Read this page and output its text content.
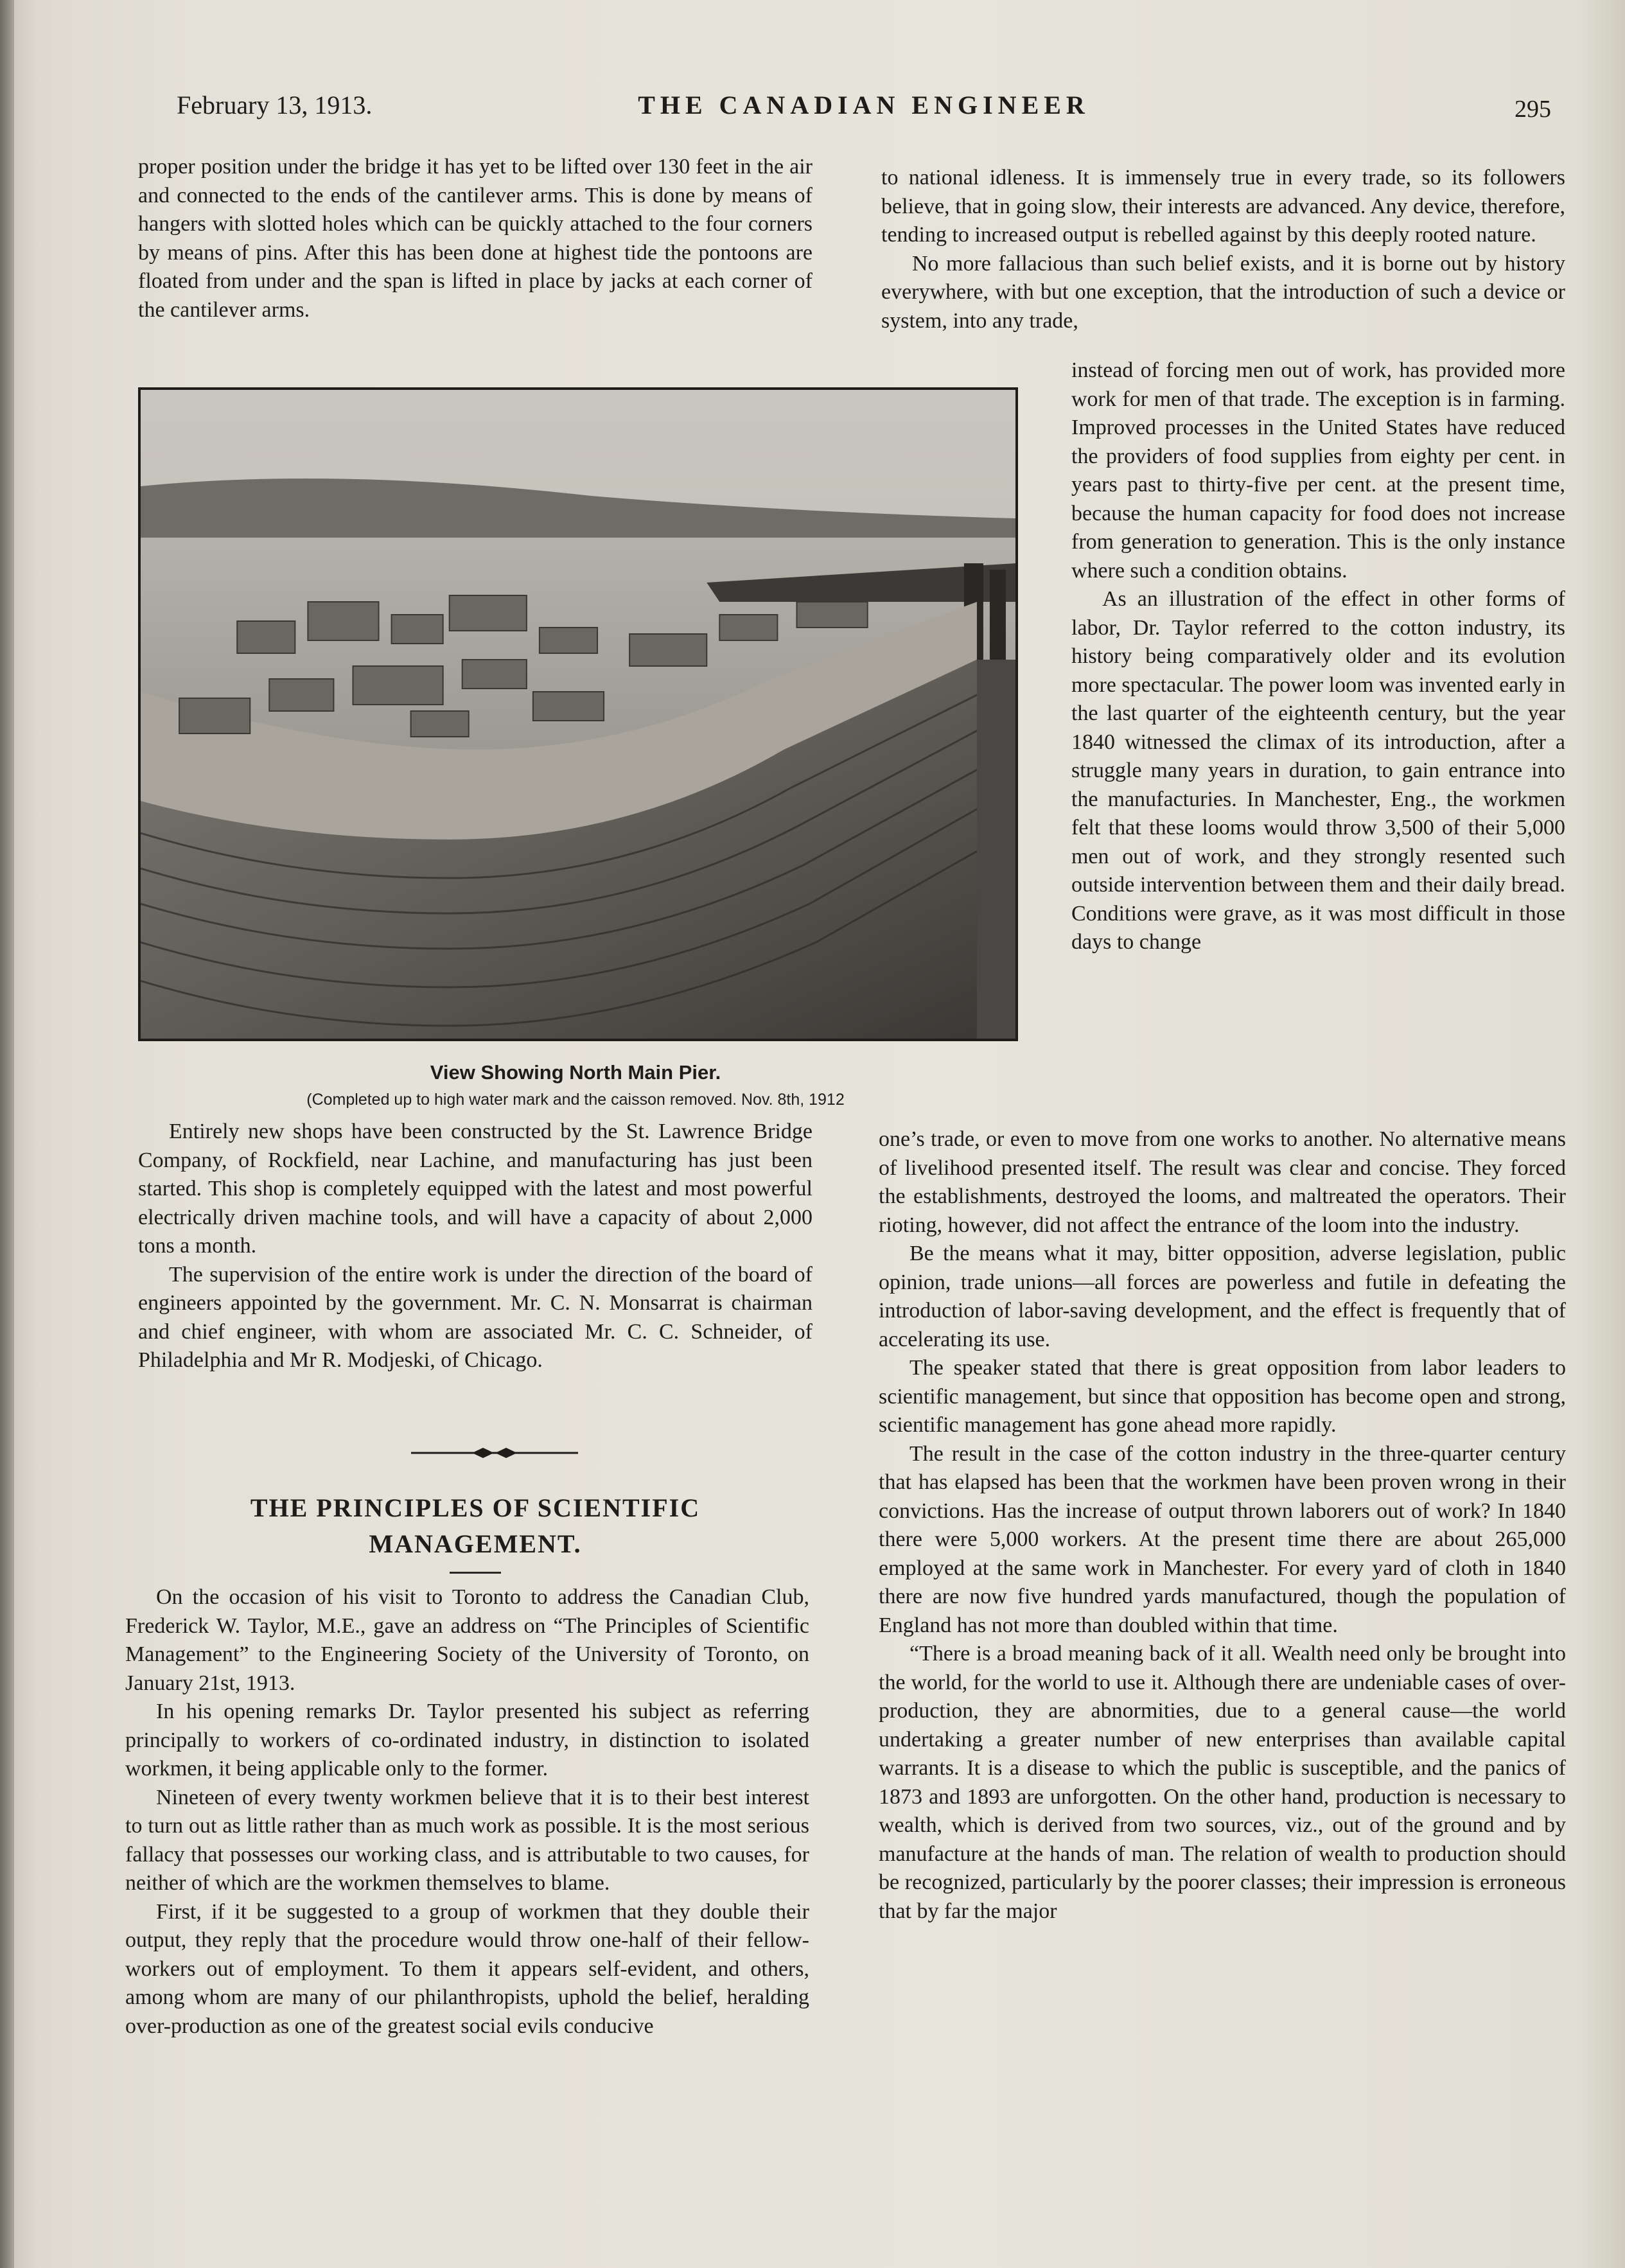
February 13, 1913.	THE CANADIAN ENGINEER	295

proper position under the bridge it has yet to be lifted over 130 feet in the air and connected to the ends of the cantilever arms. This is done by means of hangers with slotted holes which can be quickly attached to the four corners by means of pins. After this has been done at highest tide the pontoons are floated from under and the span is lifted in place by jacks at each corner of the cantilever arms.

View Showing North Main Pier.
(Completed up to high water mark and the caisson removed. Nov. 8th, 1912

Entirely new shops have been constructed by the St. Lawrence Bridge Company, of Rockfield, near Lachine, and manufacturing has just been started. This shop is completely equipped with the latest and most powerful electrically driven machine tools, and will have a capacity of about 2,000 tons a month.

The supervision of the entire work is under the direction of the board of engineers appointed by the government. Mr. C. N. Monsarrat is chairman and chief engineer, with whom are associated Mr. C. C. Schneider, of Philadelphia and Mr R. Modjeski, of Chicago.

THE PRINCIPLES OF SCIENTIFIC
MANAGEMENT.

On the occasion of his visit to Toronto to address the Canadian Club, Frederick W. Taylor, M.E., gave an address on “The Principles of Scientific Management” to the Engineering Society of the University of Toronto, on January 21st, 1913.

In his opening remarks Dr. Taylor presented his subject as referring principally to workers of co-ordinated industry, in distinction to isolated workmen, it being applicable only to the former.

Nineteen of every twenty workmen believe that it is to their best interest to turn out as little rather than as much work as possible. It is the most serious fallacy that possesses our working class, and is attributable to two causes, for neither of which are the workmen themselves to blame.

First, if it be suggested to a group of workmen that they double their output, they reply that the procedure would throw one-half of their fellow-workers out of employment. To them it appears self-evident, and others, among whom are many of our philanthropists, uphold the belief, heralding over-production as one of the greatest social evils conducive

to national idleness. It is immensely true in every trade, so its followers believe, that in going slow, their interests are advanced. Any device, therefore, tending to increased output is rebelled against by this deeply rooted nature.

No more fallacious than such belief exists, and it is borne out by history everywhere, with but one exception, that the introduction of such a device or system, into any trade,

instead of forcing men out of work, has provided more work for men of that trade. The exception is in farming. Improved processes in the United States have reduced the providers of food supplies from eighty per cent. in years past to thirty-five per cent. at the present time, because the human capacity for food does not increase from generation to generation. This is the only instance where such a condition obtains.

As an illustration of the effect in other forms of labor, Dr. Taylor referred to the cotton industry, its history being comparatively older and its evolution more spectacular. The power loom was invented early in the last quarter of the eighteenth century, but the year 1840 witnessed the climax of its introduction, after a struggle many years in duration, to gain entrance into the manufacturies. In Manchester, Eng., the workmen felt that these looms would throw 3,500 of their 5,000 men out of work, and they strongly resented such outside intervention between them and their daily bread. Conditions were grave, as it was most difficult in those days to change

one’s trade, or even to move from one works to another. No alternative means of livelihood presented itself. The result was clear and concise. They forced the establishments, destroyed the looms, and maltreated the operators. Their rioting, however, did not affect the entrance of the loom into the industry.

Be the means what it may, bitter opposition, adverse legislation, public opinion, trade unions—all forces are powerless and futile in defeating the introduction of labor-saving development, and the effect is frequently that of accelerating its use.

The speaker stated that there is great opposition from labor leaders to scientific management, but since that opposition has become open and strong, scientific management has gone ahead more rapidly.

The result in the case of the cotton industry in the three-quarter century that has elapsed has been that the workmen have been proven wrong in their convictions. Has the increase of output thrown laborers out of work? In 1840 there were 5,000 workers. At the present time there are about 265,000 employed at the same work in Manchester. For every yard of cloth in 1840 there are now five hundred yards manufactured, though the population of England has not more than doubled within that time.

“There is a broad meaning back of it all. Wealth need only be brought into the world, for the world to use it. Although there are undeniable cases of over-production, they are abnormities, due to a general cause—the world undertaking a greater number of new enterprises than available capital warrants. It is a disease to which the public is susceptible, and the panics of 1873 and 1893 are unforgotten. On the other hand, production is necessary to wealth, which is derived from two sources, viz., out of the ground and by manufacture at the hands of man. The relation of wealth to production should be recognized, particularly by the poorer classes; their impression is erroneous that by far the major
